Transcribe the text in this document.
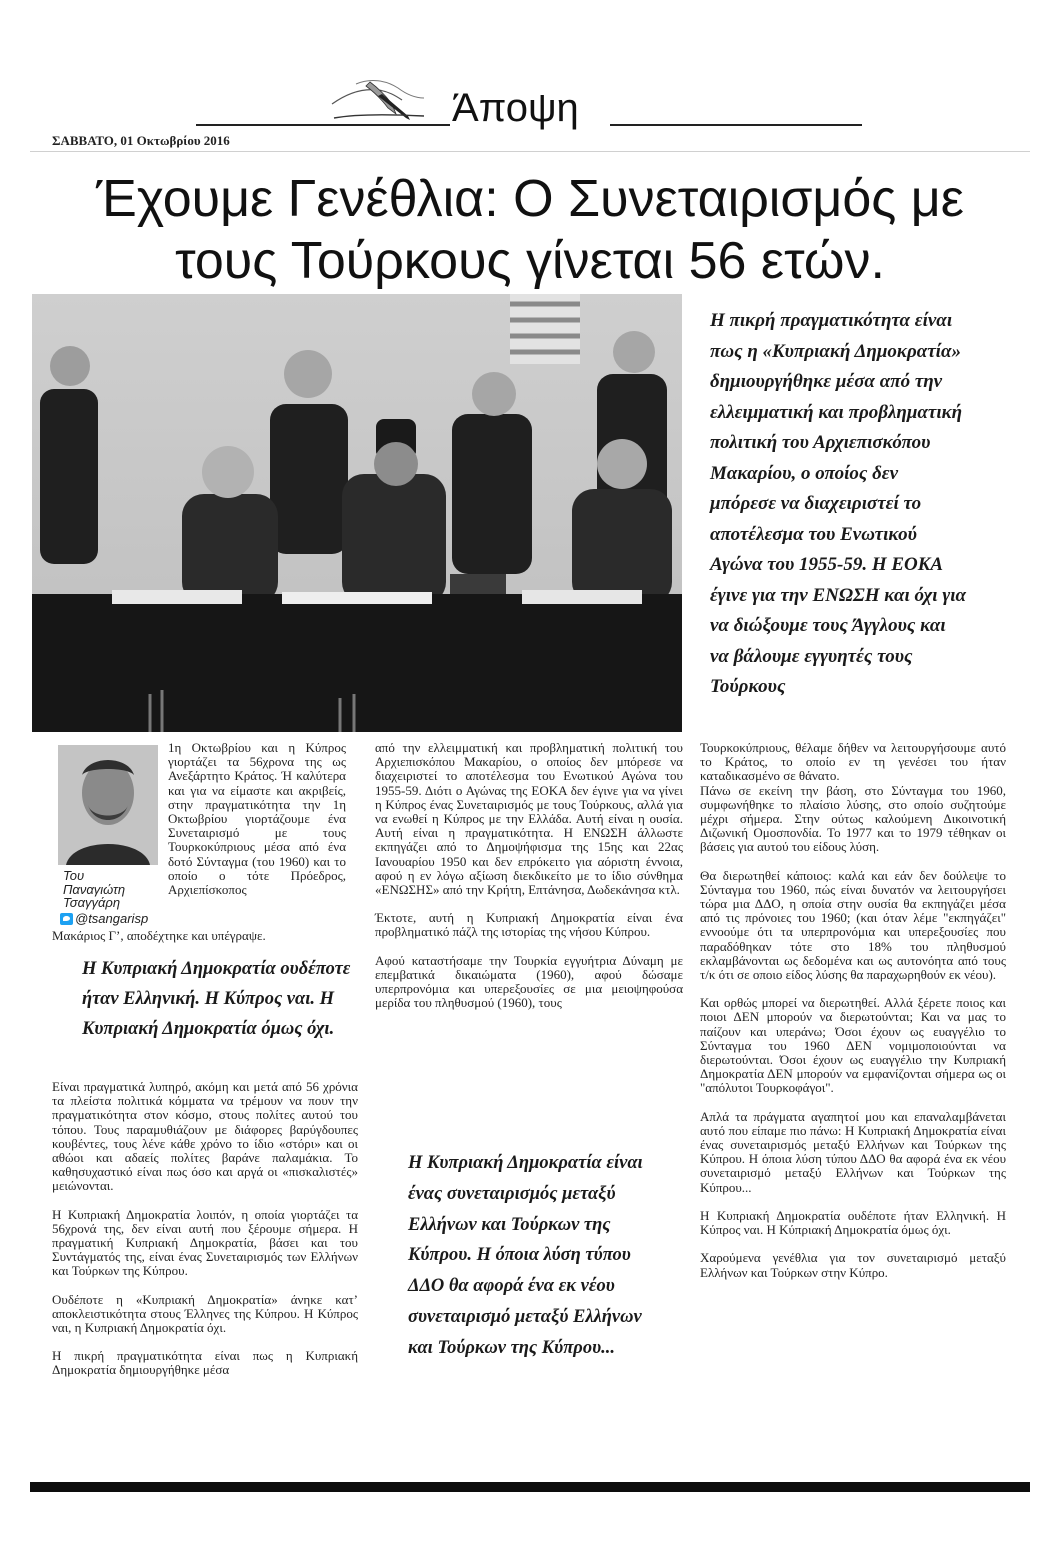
Άποψη
ΣΑΒΒΑΤΟ, 01 Οκτωβρίου 2016
Έχουμε Γενέθλια: Ο Συνεταιρισμός με τους Τούρκους γίνεται 56 ετών.

Η πικρή πραγματικότητα είναι πως η «Κυπριακή Δημοκρατία» δημιουργήθηκε μέσα από την ελλειμματική και προβληματική πολιτική του Αρχιεπισκόπου Μακαρίου, ο οποίος δεν μπόρεσε να διαχειριστεί το αποτέλεσμα του Ενωτικού Αγώνα του 1955-59. Η ΕΟΚΑ έγινε για την ΕΝΩΣΗ και όχι για να διώξουμε τους Άγγλους και να βάλουμε εγγυητές τους Τούρκους

Η Κυπριακή Δημοκρατία ουδέποτε ήταν Ελληνική. Η Κύπρος ναι. Η Κυπριακή Δημοκρατία όμως όχι.

Η Κυπριακή Δημοκρατία είναι ένας συνεταιρισμός μεταξύ Ελλήνων και Τούρκων της Κύπρου. Η όποια λύση τύπου ΔΔΟ θα αφορά ένα εκ νέου συνεταιρισμό μεταξύ Ελλήνων και Τούρκων της Κύπρου...

Του
Παναγιώτη Τσαγγάρη
@tsangarisp

1η Οκτωβρίου και η Κύπρος γιορτάζει τα 56χρονα της ως Ανεξάρτητο Κράτος. Ή καλύτερα και για να είμαστε και ακριβείς, στην πραγματικότητα την 1η Οκτωβρίου γιορτάζουμε ένα Συνεταιρισμό με τους Τουρκοκύπριους μέσα από ένα δοτό Σύνταγμα (του 1960) και το οποίο ο τότε Πρόεδρος, Αρχιεπίσκοπος

Μακάριος Γ’, αποδέχτηκε και υπέγραψε.

Είναι πραγματικά λυπηρό, ακόμη και μετά από 56 χρόνια τα πλείστα πολιτικά κόμματα να τρέμουν να πουν την πραγματικότητα στον κόσμο, στους πολίτες αυτού του τόπου. Τους παραμυθιάζουν με διάφορες βαρύγδουπες κουβέντες, τους λένε κάθε χρόνο το ίδιο «στόρι» και οι αθώοι και αδαείς πολίτες βαράνε παλαμάκια. Το καθησυχαστικό είναι πως όσο και αργά οι «πισκαλιστές» μειώνονται.

Η Κυπριακή Δημοκρατία λοιπόν, η οποία γιορτάζει τα 56χρονά της, δεν είναι αυτή που ξέρουμε σήμερα. Η πραγματική Κυπριακή Δημοκρατία, βάσει και του Συντάγματός της, είναι ένας Συνεταιρισμός των Ελλήνων και Τούρκων της Κύπρου.

Ουδέποτε η «Κυπριακή Δημοκρατία» άνηκε κατ’ αποκλειστικότητα στους Έλληνες της Κύπρου. Η Κύπρος ναι, η Κυπριακή Δημοκρατία όχι.

Η πικρή πραγματικότητα είναι πως η Κυπριακή Δημοκρατία δημιουργήθηκε μέσα

από την ελλειμματική και προβληματική πολιτική του Αρχιεπισκόπου Μακαρίου, ο οποίος δεν μπόρεσε να διαχειριστεί το αποτέλεσμα του Ενωτικού Αγώνα του 1955-59. Διότι ο Αγώνας της ΕΟΚΑ δεν έγινε για να γίνει η Κύπρος ένας Συνεταιρισμός με τους Τούρκους, αλλά για να ενωθεί η Κύπρος με την Ελλάδα. Αυτή είναι η ουσία. Αυτή είναι η πραγματικότητα. Η ΕΝΩΣΗ άλλωστε εκπηγάζει από το Δημοψήφισμα της 15ης και 22ας Ιανουαρίου 1950 και δεν επρόκειτο για αόριστη έννοια, αφού η εν λόγω αξίωση διεκδικείτο με το ίδιο σύνθημα «ΕΝΩΣΗΣ» από την Κρήτη, Επτάνησα, Δωδεκάνησα κτλ.

Έκτοτε, αυτή η Κυπριακή Δημοκρατία είναι ένα προβληματικό πάζλ της ιστορίας της νήσου Κύπρου.

Αφού καταστήσαμε την Τουρκία εγγυήτρια Δύναμη με επεμβατικά δικαιώματα (1960), αφού δώσαμε υπερπρονόμια και υπερεξουσίες σε μια μειοψηφούσα μερίδα του πληθυσμού (1960), τους

Τουρκοκύπριους, θέλαμε δήθεν να λειτουργήσουμε αυτό το Κράτος, το οποίο εν τη γενέσει του ήταν καταδικασμένο σε θάνατο.

Πάνω σε εκείνη την βάση, στο Σύνταγμα του 1960, συμφωνήθηκε το πλαίσιο λύσης, στο οποίο συζητούμε μέχρι σήμερα. Στην ούτως καλούμενη Δικοινοτική Διζωνική Ομοσπονδία. Το 1977 και το 1979 τέθηκαν οι βάσεις για αυτού του είδους λύση.

Θα διερωτηθεί κάποιος: καλά και εάν δεν δούλεψε το Σύνταγμα του 1960, πώς είναι δυνατόν να λειτουργήσει τώρα μια ΔΔΟ, η οποία στην ουσία θα εκπηγάζει μέσα από τις πρόνοιες του 1960; (και όταν λέμε "εκπηγάζει" εννοούμε ότι τα υπερπρονόμια και υπερεξουσίες που παραδόθηκαν τότε στο 18% του πληθυσμού εκλαμβάνονται ως δεδομένα και ως αυτονόητα από τους τ/κ ότι σε οποιο είδος λύσης θα παραχωρηθούν εκ νέου).

Και ορθώς μπορεί να διερωτηθεί. Αλλά ξέρετε ποιος και ποιοι ΔΕΝ μπορούν να διερωτούνται; Και να μας το παίζουν και υπεράνω; Όσοι έχουν ως ευαγγέλιο το Σύνταγμα του 1960 ΔΕΝ νομιμοποιούνται να διερωτούνται. Όσοι έχουν ως ευαγγέλιο την Κυπριακή Δημοκρατία ΔΕΝ μπορούν να εμφανίζονται σήμερα ως οι "απόλυτοι Τουρκοφάγοι".

Απλά τα πράγματα αγαπητοί μου και επαναλαμβάνεται αυτό που είπαμε πιο πάνω: Η Κυπριακή Δημοκρατία είναι ένας συνεταιρισμός μεταξύ Ελλήνων και Τούρκων της Κύπρου. Η όποια λύση τύπου ΔΔΟ θα αφορά ένα εκ νέου συνεταιρισμό μεταξύ Ελλήνων και Τούρκων της Κύπρου...

Η Κυπριακή Δημοκρατία ουδέποτε ήταν Ελληνική. Η Κύπρος ναι. Η Κύπριακή Δημοκρατία όμως όχι.

Χαρούμενα γενέθλια για τον συνεταιρισμό μεταξύ Ελλήνων και Τούρκων στην Κύπρο.
